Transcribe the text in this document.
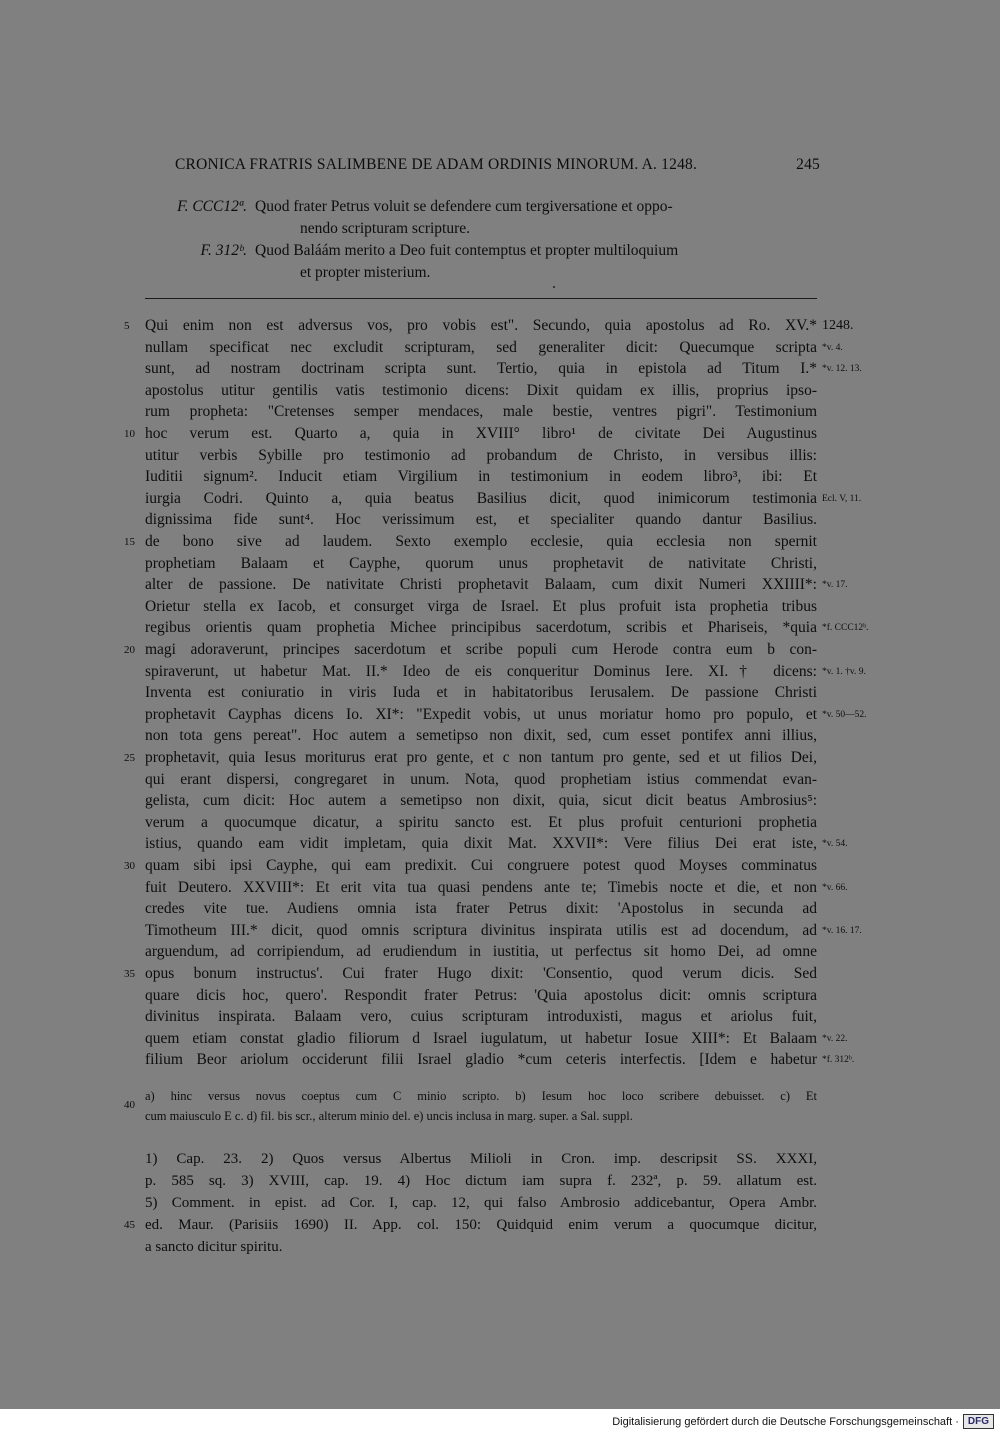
CRONICA FRATRIS SALIMBENE DE ADAM ORDINIS MINORUM. A. 1248.	245
F. CCC12ª. Quod frater Petrus voluit se defendere cum tergiversatione et oppo-
nendo scripturam scripture.
F. 312ᵇ. Quod Baláám merito a Deo fuit contemptus et propter multiloquium
et propter misterium.
5	Qui enim non est adversus vos, pro vobis est". Secundo, quia apostolus ad Ro. XV.* 1248.
nullam specificat nec excludit scripturam, sed generaliter dicit: Quecumque scripta *v. 4.
sunt, ad nostram doctrinam scripta sunt. Tertio, quia in epistola ad Titum I.* *v. 12. 13.
apostolus utitur gentilis vatis testimonio dicens: Dixit quidam ex illis, proprius ipso-
rum propheta: "Cretenses semper mendaces, male bestie, ventres pigri". Testimonium
10 hoc verum est. Quarto a, quia in XVIII° libro¹ de civitate Dei Augustinus
utitur verbis Sybille pro testimonio ad probandum de Christo, in versibus illis:
Iuditii signum². Inducit etiam Virgilium in testimonium in eodem libro³, ibi: Et
iurgia Codri. Quinto a, quia beatus Basilius dicit, quod inimicorum testimonia Ecl. V, 11.
dignissima fide sunt⁴. Hoc verissimum est, et specialiter quando dantur Basilius.
15 de bono sive ad laudem. Sexto exemplo ecclesie, quia ecclesia non spernit
prophetiam Balaam et Cayphe, quorum unus prophetavit de nativitate Christi,
alter de passione. De nativitate Christi prophetavit Balaam, cum dixit Numeri XXIIII*: *v. 17.
Orietur stella ex Iacob, et consurget virga de Israel. Et plus profuit ista prophetia tribus
regibus orientis quam prophetia Michee principibus sacerdotum, scribis et Phariseis, *quia *f. CCC12ᵇ.
20 magi adoraverunt, principes sacerdotum et scribe populi cum Herode contra eum b con-
spiraverunt, ut habetur Mat. II.* Ideo de eis conqueritur Dominus Iere. XI.† dicens: *v. 1. †v. 9.
Inventa est coniuratio in viris Iuda et in habitatoribus Ierusalem. De passione Christi
prophetavit Cayphas dicens Io. XI*: "Expedit vobis, ut unus moriatur homo pro populo, et *v. 50—52.
non tota gens pereat". Hoc autem a semetipso non dixit, sed, cum esset pontifex anni illius,
25 prophetavit, quia Iesus moriturus erat pro gente, et c non tantum pro gente, sed et ut filios Dei,
qui erant dispersi, congregaret in unum. Nota, quod prophetiam istius commendat evan-
gelista, cum dicit: Hoc autem a semetipso non dixit, quia, sicut dicit beatus Ambrosius⁵:
verum a quocumque dicatur, a spiritu sancto est. Et plus profuit centurioni prophetia
istius, quando eam vidit impletam, quia dixit Mat. XXVII*: Vere filius Dei erat iste, *v. 54.
30 quam sibi ipsi Cayphe, qui eam predixit. Cui congruere potest quod Moyses comminatus
fuit Deutero. XXVIII*: Et erit vita tua quasi pendens ante te; Timebis nocte et die, et non *v. 66.
credes vite tue. Audiens omnia ista frater Petrus dixit: 'Apostolus in secunda ad
Timotheum III.* dicit, quod omnis scriptura divinitus inspirata utilis est ad docendum, ad *v. 16. 17.
arguendum, ad corripiendum, ad erudiendum in iustitia, ut perfectus sit homo Dei, ad omne
35 opus bonum instructus'. Cui frater Hugo dixit: 'Consentio, quod verum dicis. Sed
quare dicis hoc, quero'. Respondit frater Petrus: 'Quia apostolus dicit: omnis scriptura
divinitus inspirata. Balaam vero, cuius scripturam introduxisti, magus et ariolus fuit,
quem etiam constat gladio filiorum d Israel iugulatum, ut habetur Iosue XIII*: Et Balaam *v. 22.
filium Beor ariolum occiderunt filii Israel gladio *cum ceteris interfectis. [Idem e habetur *f. 312ᵇ.
40
a) hinc versus novus coeptus cum C minio scripto. b) Iesum hoc loco scribere debuisset. c) Et
cum maiusculo E c. d) fil. bis scr., alterum minio del. e) uncis inclusa in marg. super. a Sal. suppl.
1) Cap. 23. 2) Quos versus Albertus Milioli in Cron. imp. descripsit SS. XXXI,
p. 585 sq. 3) XVIII, cap. 19. 4) Hoc dictum iam supra f. 232ª, p. 59. allatum est.
5) Comment. in epist. ad Cor. I, cap. 12, qui falso Ambrosio addicebantur, Opera Ambr.
45 ed. Maur. (Parisiis 1690) II. App. col. 150: Quidquid enim verum a quocumque dicitur,
a sancto dicitur spiritu.
Digitalisierung gefördert durch die Deutsche Forschungsgemeinschaft · DFG
